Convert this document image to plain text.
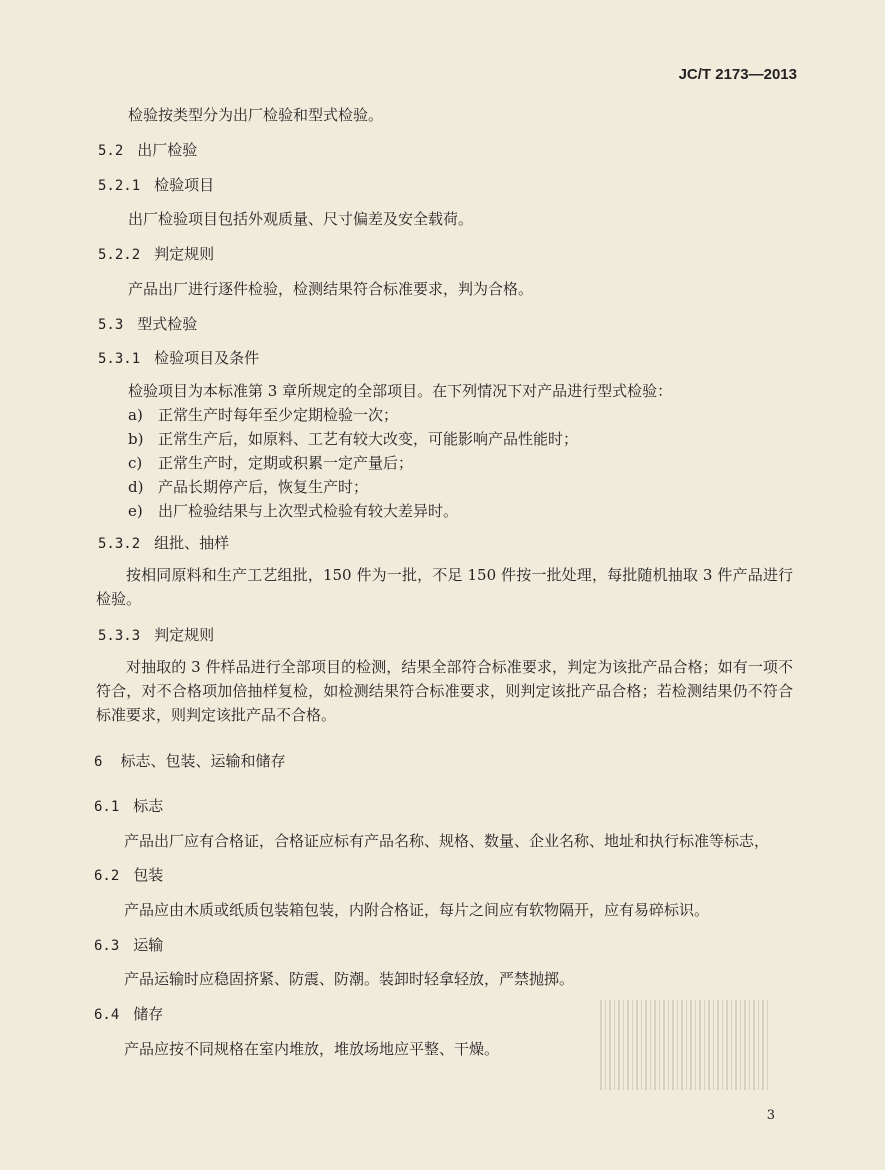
JC/T 2173—2013
检验按类型分为出厂检验和型式检验。
5.2 出厂检验
5.2.1 检验项目
出厂检验项目包括外观质量、尺寸偏差及安全载荷。
5.2.2 判定规则
产品出厂进行逐件检验，检测结果符合标准要求，判为合格。
5.3 型式检验
5.3.1 检验项目及条件
检验项目为本标准第 3 章所规定的全部项目。在下列情况下对产品进行型式检验：
a) 正常生产时每年至少定期检验一次；
b) 正常生产后，如原料、工艺有较大改变，可能影响产品性能时；
c) 正常生产时，定期或积累一定产量后；
d) 产品长期停产后，恢复生产时；
e) 出厂检验结果与上次型式检验有较大差异时。
5.3.2 组批、抽样
按相同原料和生产工艺组批，150 件为一批，不足 150 件按一批处理，每批随机抽取 3 件产品进行检验。
5.3.3 判定规则
对抽取的 3 件样品进行全部项目的检测，结果全部符合标准要求，判定为该批产品合格；如有一项不符合，对不合格项加倍抽样复检，如检测结果符合标准要求，则判定该批产品合格；若检测结果仍不符合标准要求，则判定该批产品不合格。
6 标志、包装、运输和储存
6.1 标志
产品出厂应有合格证，合格证应标有产品名称、规格、数量、企业名称、地址和执行标准等标志，
6.2 包装
产品应由木质或纸质包装箱包装，内附合格证，每片之间应有软物隔开，应有易碎标识。
6.3 运输
产品运输时应稳固挤紧、防震、防潮。装卸时轻拿轻放，严禁抛掷。
6.4 储存
产品应按不同规格在室内堆放，堆放场地应平整、干燥。
3
